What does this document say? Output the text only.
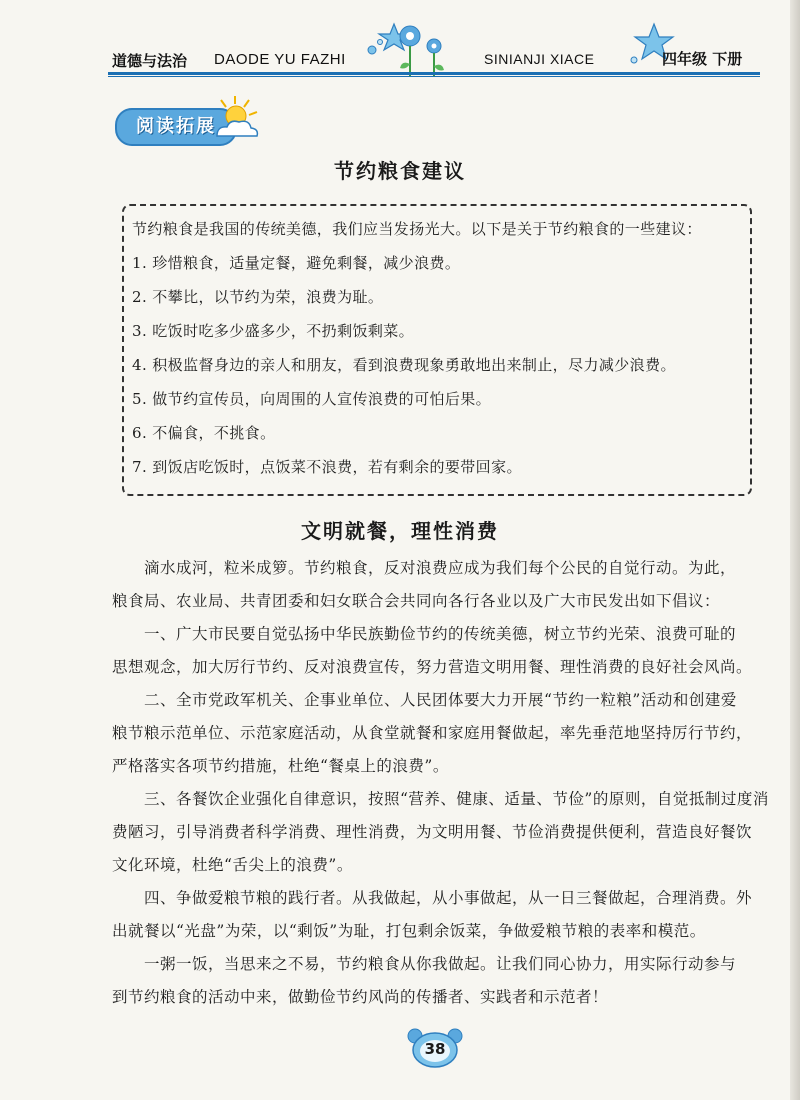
道德与法治 DAODE YU FAZHI	SINIANJI XIACE	四年级 下册
阅读拓展
节约粮食建议
节约粮食是我国的传统美德，我们应当发扬光大。以下是关于节约粮食的一些建议：
1. 珍惜粮食，适量定餐，避免剩餐，减少浪费。
2. 不攀比，以节约为荣，浪费为耻。
3. 吃饭时吃多少盛多少，不扔剩饭剩菜。
4. 积极监督身边的亲人和朋友，看到浪费现象勇敢地出来制止，尽力减少浪费。
5. 做节约宣传员，向周围的人宣传浪费的可怕后果。
6. 不偏食，不挑食。
7. 到饭店吃饭时，点饭菜不浪费，若有剩余的要带回家。
文明就餐，理性消费
　　滴水成河，粒米成箩。节约粮食，反对浪费应成为我们每个公民的自觉行动。为此，
粮食局、农业局、共青团委和妇女联合会共同向各行各业以及广大市民发出如下倡议：
　　一、广大市民要自觉弘扬中华民族勤俭节约的传统美德，树立节约光荣、浪费可耻的
思想观念，加大厉行节约、反对浪费宣传，努力营造文明用餐、理性消费的良好社会风尚。
　　二、全市党政军机关、企事业单位、人民团体要大力开展“节约一粒粮”活动和创建爱
粮节粮示范单位、示范家庭活动，从食堂就餐和家庭用餐做起，率先垂范地坚持厉行节约，
严格落实各项节约措施，杜绝“餐桌上的浪费”。
　　三、各餐饮企业强化自律意识，按照“营养、健康、适量、节俭”的原则，自觉抵制过度消
费陋习，引导消费者科学消费、理性消费，为文明用餐、节俭消费提供便利，营造良好餐饮
文化环境，杜绝“舌尖上的浪费”。
　　四、争做爱粮节粮的践行者。从我做起，从小事做起，从一日三餐做起，合理消费。外
出就餐以“光盘”为荣，以“剩饭”为耻，打包剩余饭菜，争做爱粮节粮的表率和模范。
　　一粥一饭，当思来之不易，节约粮食从你我做起。让我们同心协力，用实际行动参与
到节约粮食的活动中来，做勤俭节约风尚的传播者、实践者和示范者！
38
